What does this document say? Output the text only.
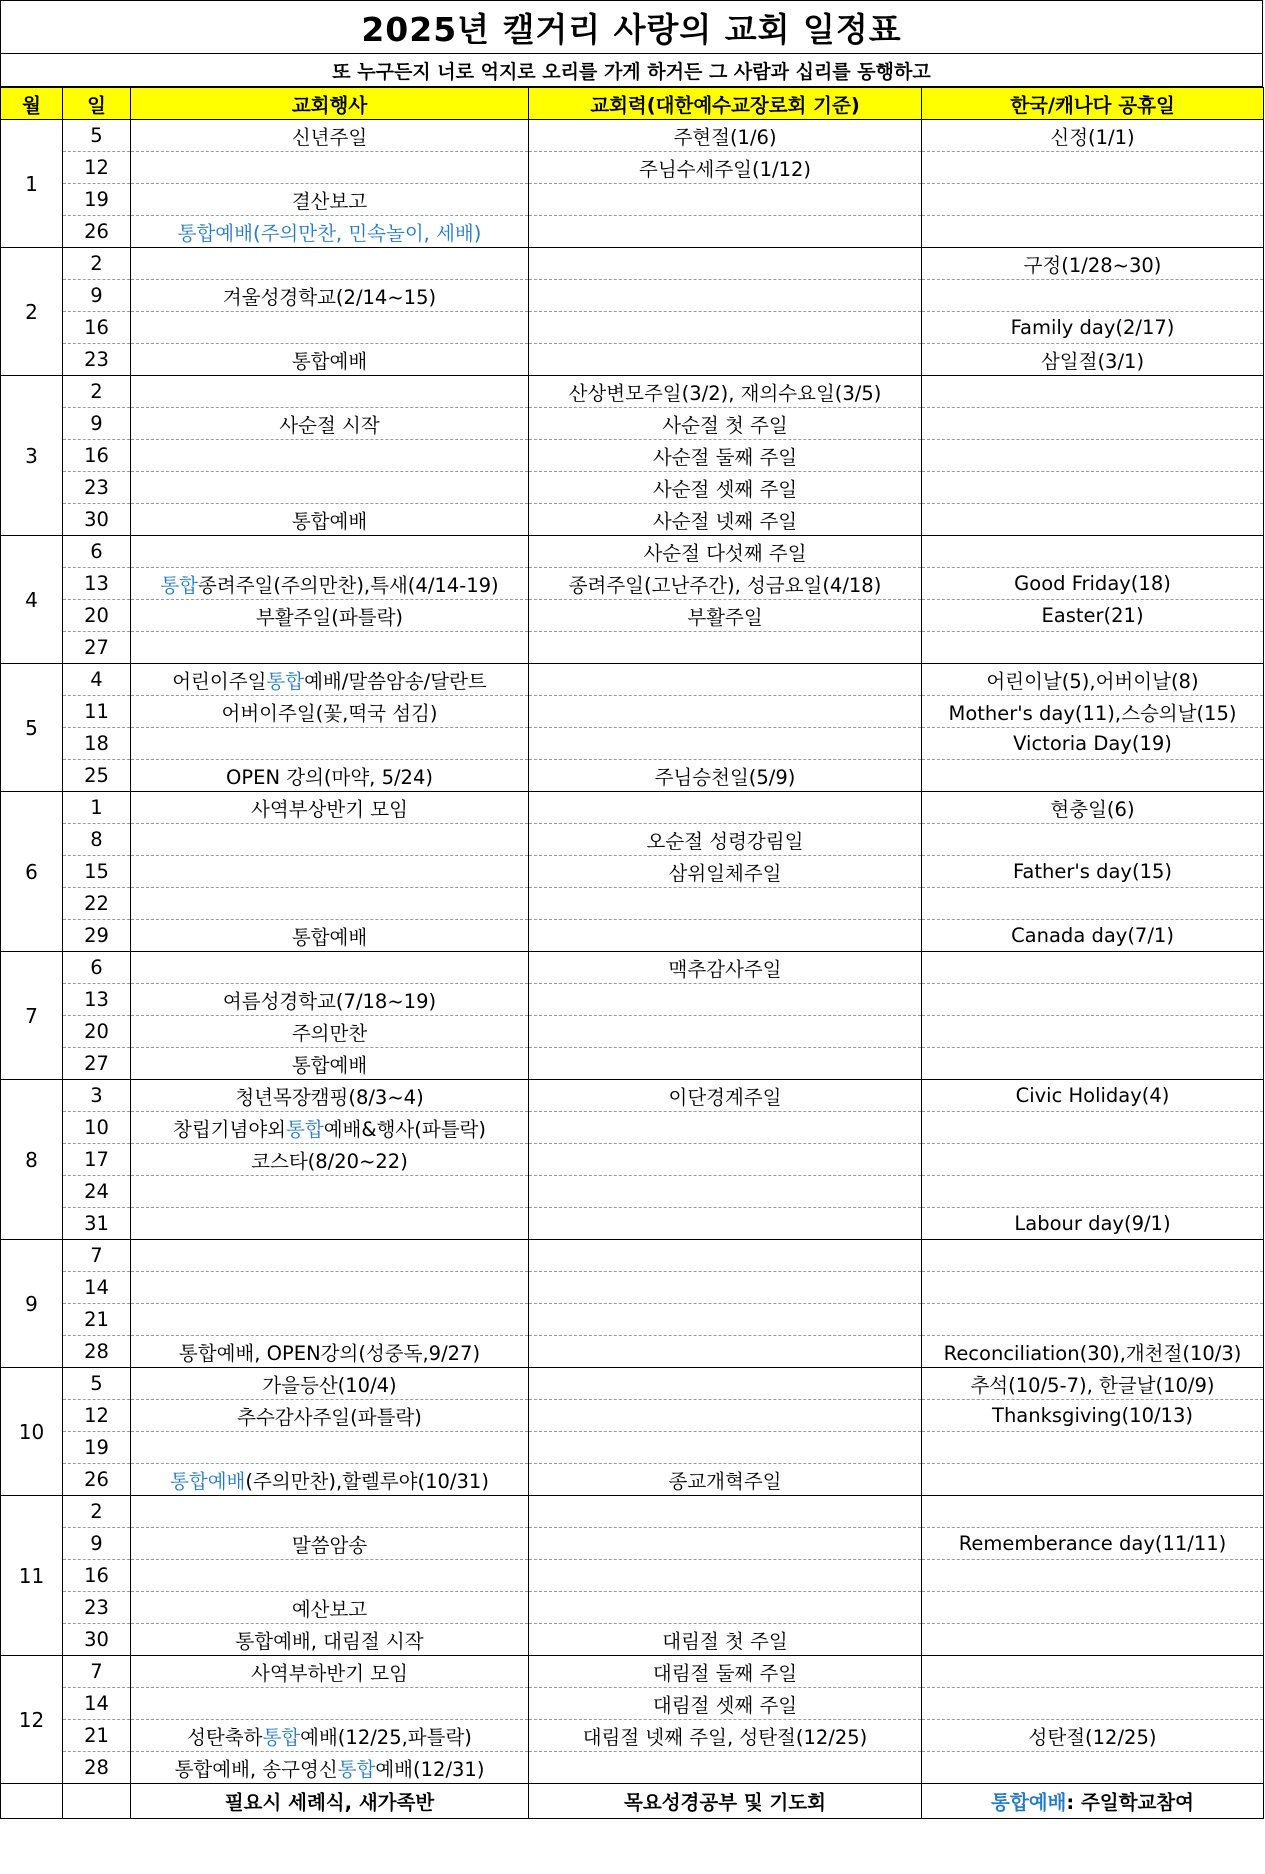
2025년 캘거리 사랑의 교회 일정표
또 누구든지 너로 억지로 오리를 가게 하거든 그 사람과 십리를 동행하고
월	일	교회행사	교회력(대한예수교장로회 기준)	한국/캐나다 공휴일
1	5	신년주일	주현절(1/6)	신정(1/1)
	12		주님수세주일(1/12)	
	19	결산보고		
	26	통합예배(주의만찬, 민속놀이, 세배)		
2	2			구정(1/28~30)
	9	겨울성경학교(2/14~15)		
	16			Family day(2/17)
	23	통합예배		삼일절(3/1)
3	2		산상변모주일(3/2), 재의수요일(3/5)	
	9	사순절 시작	사순절 첫 주일	
	16		사순절 둘째 주일	
	23		사순절 셋째 주일	
	30	통합예배	사순절 넷째 주일	
4	6		사순절 다섯째 주일	
	13	통합종려주일(주의만찬),특새(4/14-19)	종려주일(고난주간), 성금요일(4/18)	Good Friday(18)
	20	부활주일(파틀락)	부활주일	Easter(21)
	27			
5	4	어린이주일통합예배/말씀암송/달란트		어린이날(5),어버이날(8)
	11	어버이주일(꽃,떡국 섬김)		Mother's day(11),스승의날(15)
	18			Victoria Day(19)
	25	OPEN 강의(마약, 5/24)	주님승천일(5/9)	
6	1	사역부상반기 모임		현충일(6)
	8		오순절 성령강림일	
	15		삼위일체주일	Father's day(15)
	22			
	29	통합예배		Canada day(7/1)
7	6		맥추감사주일	
	13	여름성경학교(7/18~19)		
	20	주의만찬		
	27	통합예배		
8	3	청년목장캠핑(8/3~4)	이단경계주일	Civic Holiday(4)
	10	창립기념야외통합예배&행사(파틀락)		
	17	코스타(8/20~22)		
	24			
	31			Labour day(9/1)
9	7			
	14			
	21			
	28	통합예배, OPEN강의(성중독,9/27)		Reconciliation(30),개천절(10/3)
10	5	가을등산(10/4)		추석(10/5-7), 한글날(10/9)
	12	추수감사주일(파틀락)		Thanksgiving(10/13)
	19			
	26	통합예배(주의만찬),할렐루야(10/31)	종교개혁주일	
11	2			
	9	말씀암송		Rememberance day(11/11)
	16			
	23	예산보고		
	30	통합예배, 대림절 시작	대림절 첫 주일	
12	7	사역부하반기 모임	대림절 둘째 주일	
	14		대림절 셋째 주일	
	21	성탄축하통합예배(12/25,파틀락)	대림절 넷째 주일, 성탄절(12/25)	성탄절(12/25)
	28	통합예배, 송구영신통합예배(12/31)		
		필요시 세례식, 새가족반	목요성경공부 및 기도회	통합예배: 주일학교참여
